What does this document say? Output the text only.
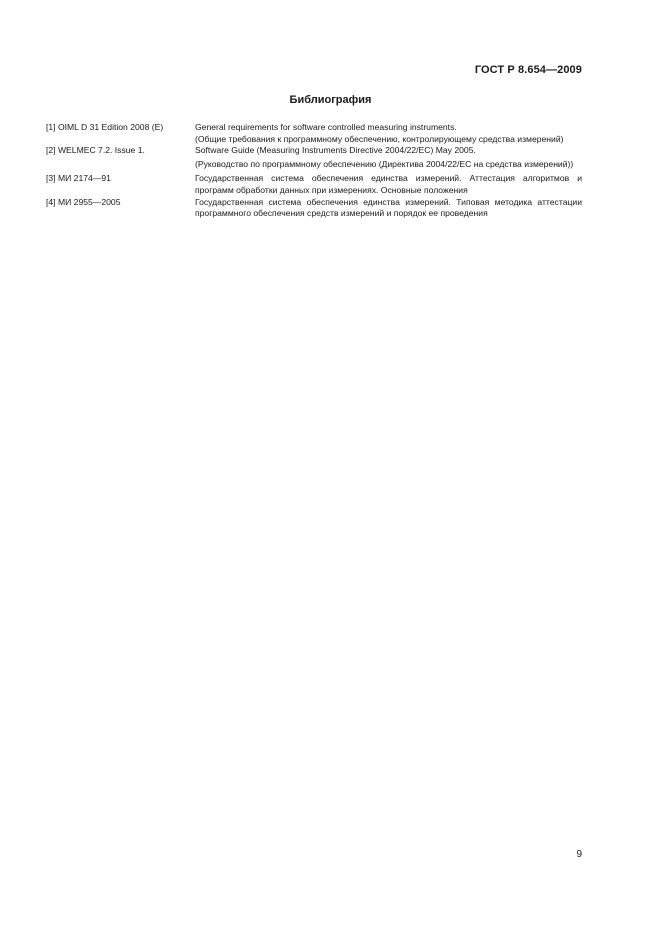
ГОСТ Р 8.654—2009
Библиография
[1] OIML D 31 Edition 2008 (E)	General requirements for software controlled measuring instruments.
(Общие требования к программному обеспечению, контролирующему средства измерений)
[2] WELMEC 7.2. Issue 1.	Software Guide (Measuring Instruments Directive 2004/22/EC) May 2005.
(Руководство по программному обеспечению (Директива 2004/22/ЕС на средства измерений))
[3] МИ 2174—91	Государственная система обеспечения единства измерений. Аттестация алгоритмов и программ обработки данных при измерениях. Основные положения
[4] МИ 2955—2005	Государственная система обеспечения единства измерений. Типовая методика аттестации программного обеспечения средств измерений и порядок ее проведения
9
